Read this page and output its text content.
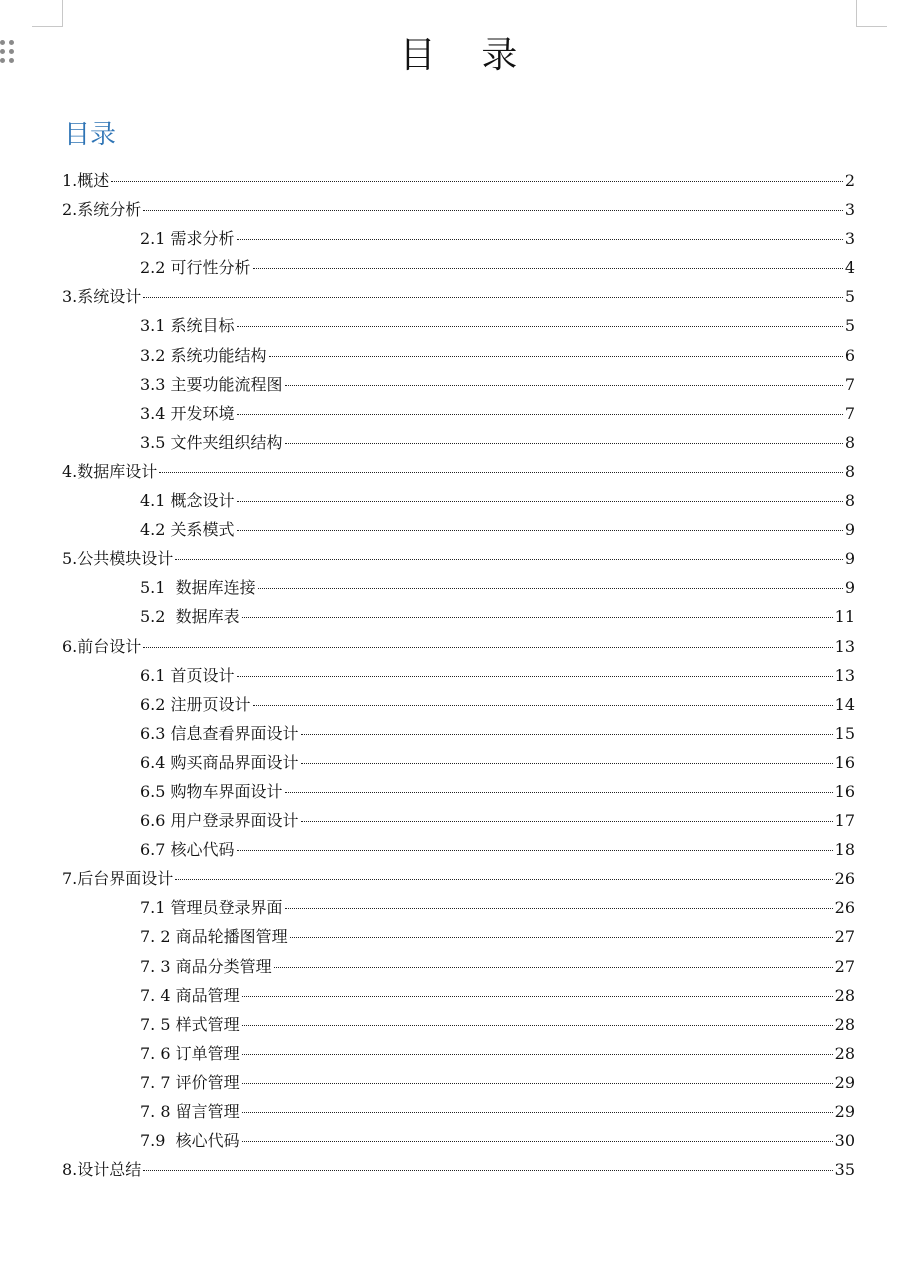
目    录
目录
1.概述	2
2.系统分析	3
2.1 需求分析	3
2.2 可行性分析	4
3.系统设计	5
3.1 系统目标	5
3.2 系统功能结构	6
3.3 主要功能流程图	7
3.4 开发环境	7
3.5 文件夹组织结构	8
4.数据库设计	8
4.1 概念设计	8
4.2 关系模式	9
5.公共模块设计	9
5.1  数据库连接	9
5.2  数据库表	11
6.前台设计	13
6.1 首页设计	13
6.2 注册页设计	14
6.3 信息查看界面设计	15
6.4 购买商品界面设计	16
6.5 购物车界面设计	16
6.6 用户登录界面设计	17
6.7 核心代码	18
7.后台界面设计	26
7.1 管理员登录界面	26
7. 2 商品轮播图管理	27
7. 3 商品分类管理	27
7. 4 商品管理	28
7. 5 样式管理	28
7. 6 订单管理	28
7. 7 评价管理	29
7. 8 留言管理	29
7.9  核心代码	30
8.设计总结	35
